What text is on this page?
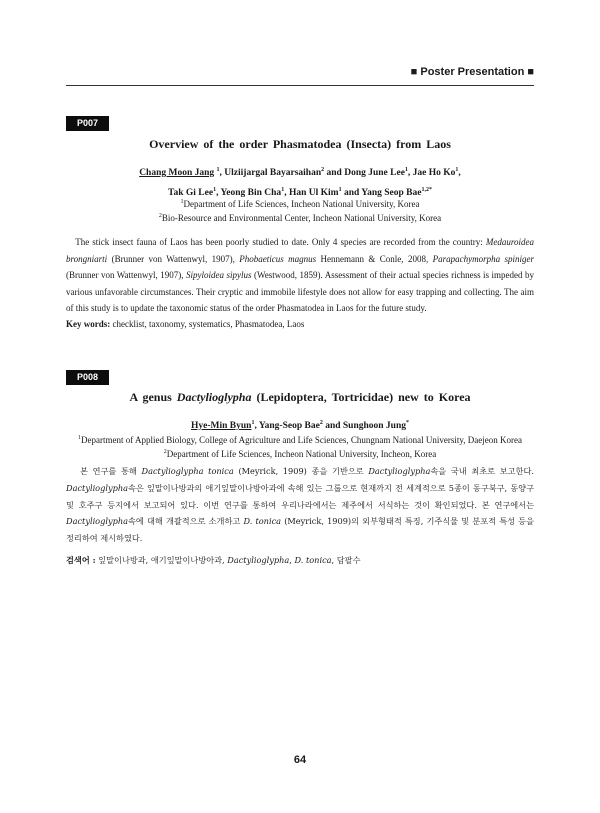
■ Poster Presentation ■
P007
Overview of the order Phasmatodea (Insecta) from Laos
Chang Moon Jang $^1$, Ulziijargal Bayarsaihan$^2$ and Dong June Lee$^1$, Jae Ho Ko$^1$,
Tak Gi Lee$^1$, Yeong Bin Cha$^1$, Han Ul Kim$^1$ and Yang Seop Bae$^{1,2*}$
$^1$Department of Life Sciences, Incheon National University, Korea
$^2$Bio-Resource and Environmental Center, Incheon National University, Korea
The stick insect fauna of Laos has been poorly studied to date. Only 4 species are recorded from the country: Medauroidea brongniarti (Brunner von Wattenwyl, 1907), Phobaeticus magnus Hennemann & Conle, 2008, Parapachymorpha spiniger (Brunner von Wattenwyl, 1907), Sipyloidea sipylus (Westwood, 1859). Assessment of their actual species richness is impeded by various unfavorable circumstances. Their cryptic and immobile lifestyle does not allow for easy trapping and collecting. The aim of this study is to update the taxonomic status of the order Phasmatodea in Laos for the future study.
Key words: checklist, taxonomy, systematics, Phasmatodea, Laos
P008
A genus Dactylioglypha (Lepidoptera, Tortricidae) new to Korea
Hye-Min Byun$^1$, Yang-Seop Bae$^2$ and Sunghoon Jung*
$^1$Department of Applied Biology, College of Agriculture and Life Sciences, Chungnam National University, Daejeon Korea
$^2$Department of Life Sciences, Incheon National University, Incheon, Korea
본 연구를 통해 Dactylioglypha tonica (Meyrick, 1909) 종을 기반으로 Dactylioglypha속을 국내 최초로 보고한다. Dactylioglypha속은 잎말이나방과의 애기잎말이나방아과에 속해 있는 그룹으로 현재까지 전 세계적으로 5종이 동구북구, 동양구 및 호주구 등지에서 보고되어 있다. 이번 연구를 통하여 우리나라에서는 제주에서 서식하는 것이 확인되었다. 본 연구에서는 Dactylioglypha속에 대해 개괄적으로 소개하고 D. tonica (Meyrick, 1909)의 외부형태적 특징, 기주식물 및 분포적 특성 등을 정리하여 제시하였다.
검색어 : 잎말이나방과, 애기잎말이나방아과, Dactylioglypha, D. tonica, 담팔수
64
